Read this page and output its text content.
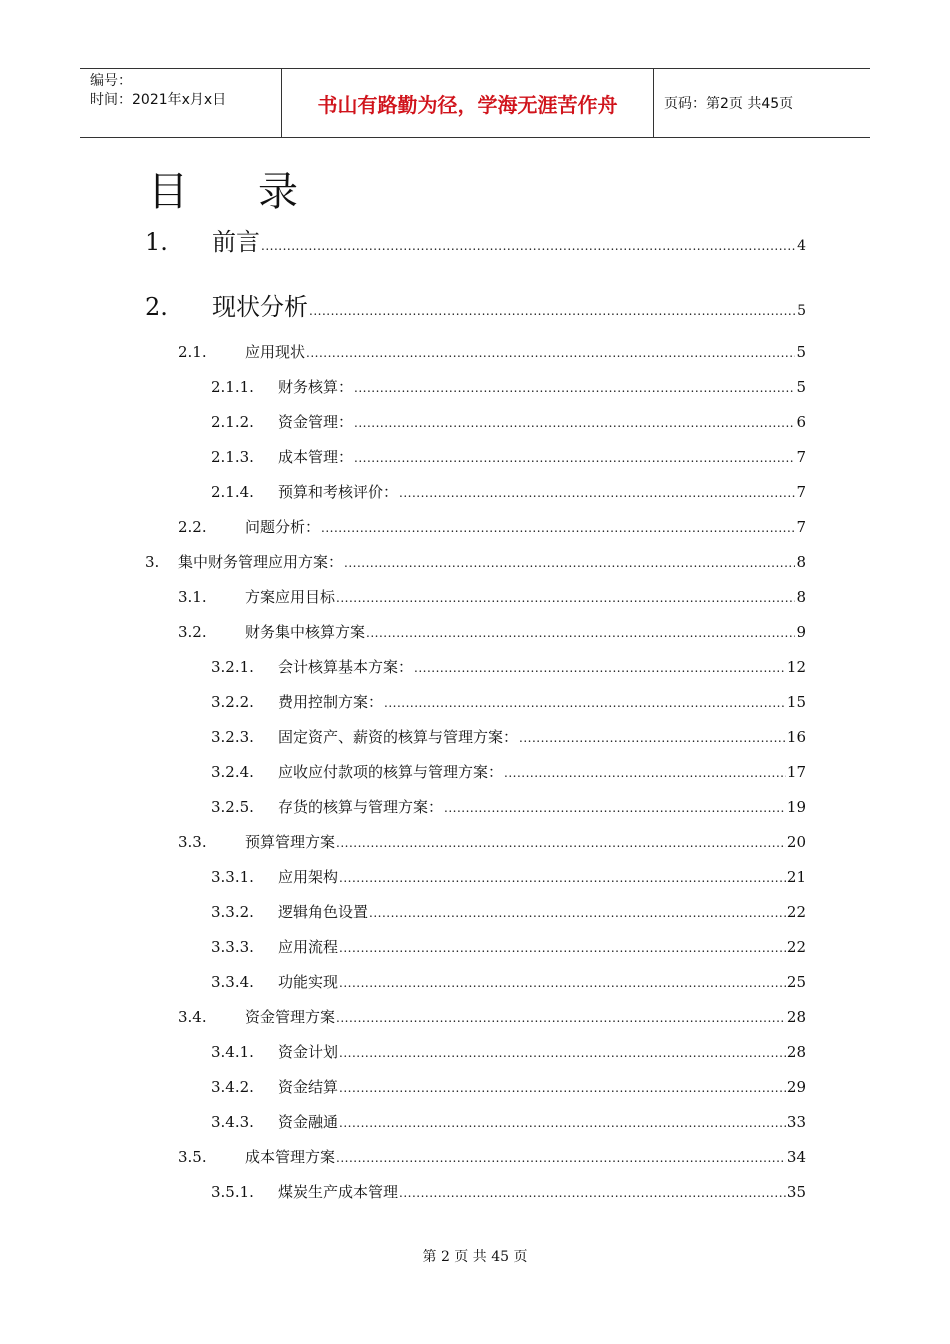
编号：
时间：2021年x月x日	书山有路勤为径，学海无涯苦作舟	页码：第2页 共45页
目录
1.	前言 .....	4
2.	现状分析 .....	5
2.1.	应用现状 .....	5
2.1.1.	财务核算： .....	5
2.1.2.	资金管理： .....	6
2.1.3.	成本管理： .....	7
2.1.4.	预算和考核评价： .....	7
2.2.	问题分析： .....	7
3.	集中财务管理应用方案： .....	8
3.1.	方案应用目标 .....	8
3.2.	财务集中核算方案 .....	9
3.2.1.	会计核算基本方案： .....	12
3.2.2.	费用控制方案： .....	15
3.2.3.	固定资产、薪资的核算与管理方案： .....	16
3.2.4.	应收应付款项的核算与管理方案： .....	17
3.2.5.	存货的核算与管理方案： .....	19
3.3.	预算管理方案 .....	20
3.3.1.	应用架构 .....	21
3.3.2.	逻辑角色设置 .....	22
3.3.3.	应用流程 .....	22
3.3.4.	功能实现 .....	25
3.4.	资金管理方案 .....	28
3.4.1.	资金计划 .....	28
3.4.2.	资金结算 .....	29
3.4.3.	资金融通 .....	33
3.5.	成本管理方案 .....	34
3.5.1.	煤炭生产成本管理 .....	35
第 2 页 共 45 页
